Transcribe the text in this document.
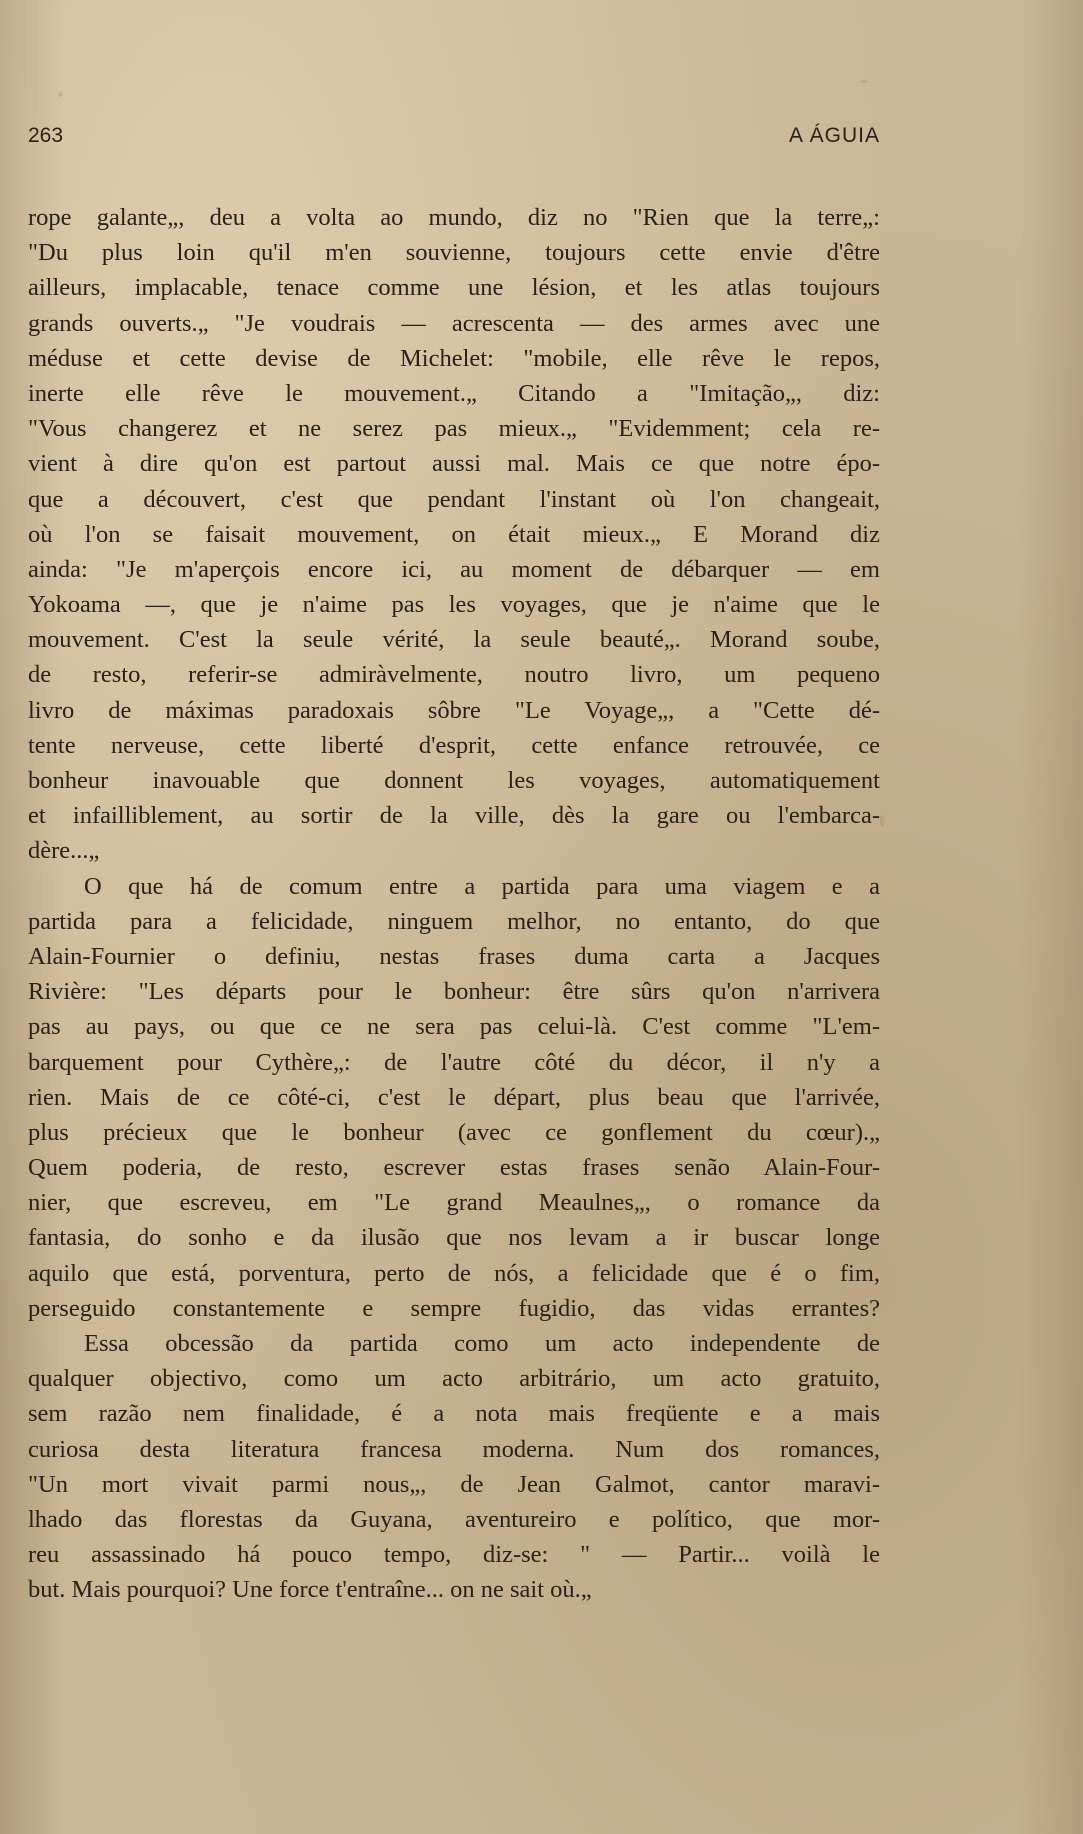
263	A ÁGUIA
rope galante„, deu a volta ao mundo, diz no "Rien que la terre„:
"Du plus loin qu'il m'en souvienne, toujours cette envie d'être
ailleurs, implacable, tenace comme une lésion, et les atlas toujours
grands ouverts.„ "Je voudrais — acrescenta — des armes avec une
méduse et cette devise de Michelet: "mobile, elle rêve le repos,
inerte elle rêve le mouvement.„ Citando a "Imitação„, diz:
"Vous changerez et ne serez pas mieux.„ "Evidemment; cela re-
vient à dire qu'on est partout aussi mal. Mais ce que notre épo-
que a découvert, c'est que pendant l'instant où l'on changeait,
où l'on se faisait mouvement, on était mieux.„ E Morand diz
ainda: "Je m'aperçois encore ici, au moment de débarquer — em
Yokoama —, que je n'aime pas les voyages, que je n'aime que le
mouvement. C'est la seule vérité, la seule beauté„. Morand soube,
de resto, referir-se admiràvelmente, noutro livro, um pequeno
livro de máximas paradoxais sôbre "Le Voyage„, a "Cette dé-
tente nerveuse, cette liberté d'esprit, cette enfance retrouvée, ce
bonheur inavouable que donnent les voyages, automatiquement
et infailliblement, au sortir de la ville, dès la gare ou l'embarca-
dère...„
O que há de comum entre a partida para uma viagem e a
partida para a felicidade, ninguem melhor, no entanto, do que
Alain-Fournier o definiu, nestas frases duma carta a Jacques
Rivière: "Les départs pour le bonheur: être sûrs qu'on n'arrivera
pas au pays, ou que ce ne sera pas celui-là. C'est comme "L'em-
barquement pour Cythère„: de l'autre côté du décor, il n'y a
rien. Mais de ce côté-ci, c'est le départ, plus beau que l'arrivée,
plus précieux que le bonheur (avec ce gonflement du cœur).„
Quem poderia, de resto, escrever estas frases senão Alain-Four-
nier, que escreveu, em "Le grand Meaulnes„, o romance da
fantasia, do sonho e da ilusão que nos levam a ir buscar longe
aquilo que está, porventura, perto de nós, a felicidade que é o fim,
perseguido constantemente e sempre fugidio, das vidas errantes?
Essa obcessão da partida como um acto independente de
qualquer objectivo, como um acto arbitrário, um acto gratuito,
sem razão nem finalidade, é a nota mais freqüente e a mais
curiosa desta literatura francesa moderna. Num dos romances,
"Un mort vivait parmi nous„, de Jean Galmot, cantor maravi-
lhado das florestas da Guyana, aventureiro e político, que mor-
reu assassinado há pouco tempo, diz-se: " — Partir... voilà le
but. Mais pourquoi? Une force t'entraîne... on ne sait où.„
